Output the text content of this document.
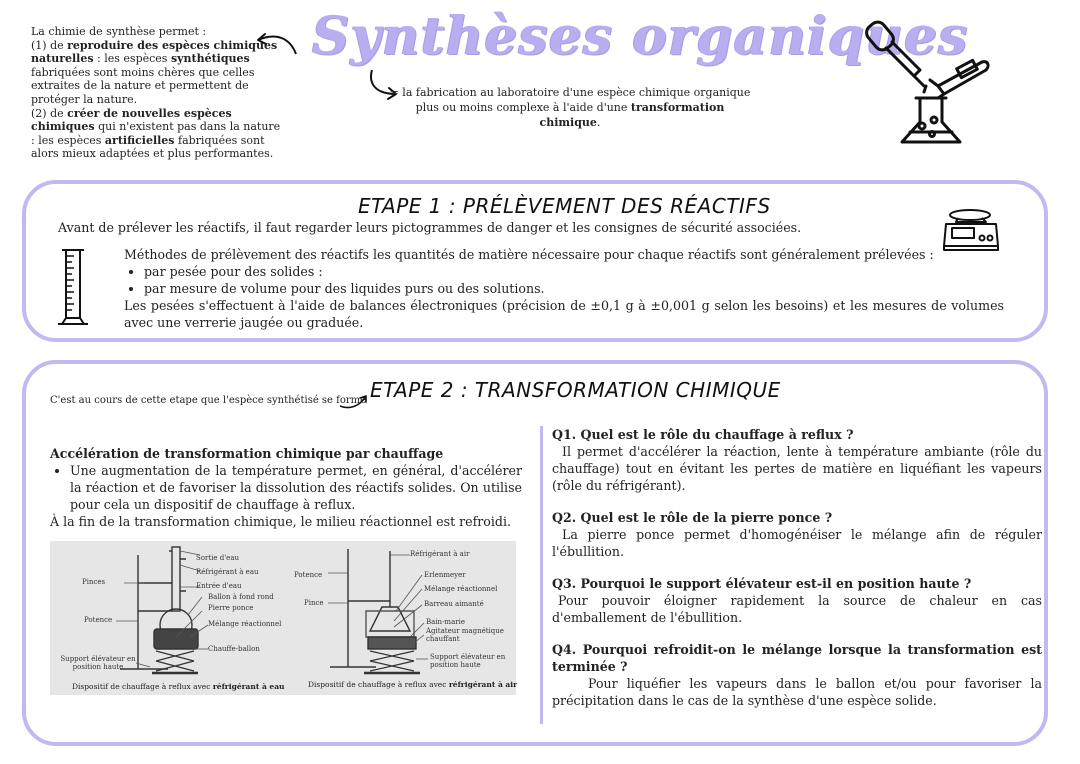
La chimie de synthèse permet :
(1) de reproduire des espèces chimiques naturelles : les espèces synthétiques fabriquées sont moins chères que celles extraites de la nature et permettent de protéger la nature.
(2) de créer de nouvelles espèces chimiques qui n'existent pas dans la nature : les espèces artificielles fabriquées sont alors mieux adaptées et plus performantes.
Synthèses organiques
= la fabrication au laboratoire d'une espèce chimique organique plus ou moins complexe à l'aide d'une transformation chimique.
ETAPE 1 : PRÉLÈVEMENT DES RÉACTIFS
Avant de prélever les réactifs, il faut regarder leurs pictogrammes de danger et les consignes de sécurité associées.
Méthodes de prélèvement des réactifs les quantités de matière nécessaire pour chaque réactifs sont généralement prélevées :
• par pesée pour des solides :
• par mesure de volume pour des liquides purs ou des solutions.
Les pesées s'effectuent à l'aide de balances électroniques (précision de ±0,1 g à ±0,001 g selon les besoins) et les mesures de volumes avec une verrerie jaugée ou graduée.
C'est au cours de cette etape que l'espèce synthétisé se forme ETAPE 2 : TRANSFORMATION CHIMIQUE
Accélération de transformation chimique par chauffage
• Une augmentation de la température permet, en général, d'accélérer la réaction et de favoriser la dissolution des réactifs solides. On utilise pour cela un dispositif de chauffage à reflux.
À la fin de la transformation chimique, le milieu réactionnel est refroidi.

Q1. Quel est le rôle du chauffage à reflux ?

Il permet d'accélérer la réaction, lente à température ambiante (rôle du chauffage) tout en évitant les pertes de matière en liquéfiant les vapeurs (rôle du réfrigérant).

Q2. Quel est le rôle de la pierre ponce ?

La pierre ponce permet d'homogénéiser le mélange afin de réguler l'ébullition.

Q3. Pourquoi le support élévateur est-il en position haute ?

Pour pouvoir éloigner rapidement la source de chaleur en cas d'emballement de l'ébullition.

Q4. Pourquoi refroidit-on le mélange lorsque la transformation est terminée ?

Pour liquéfier les vapeurs dans le ballon et/ou pour favoriser la précipitation dans le cas de la synthèse d'une espèce solide.

Sortie d'eau
Réfrigérant à eau
Pinces	Entrée d'eau
Ballon à fond rond
Pierre ponce
Potence	Mélange réactionnel
Chauffe-ballon
Support élévateur en position haute
Dispositif de chauffage à reflux avec réfrigérant à eau
Réfrigérant à air
Potence	Erlenmeyer
Mélange réactionnel
Pince	Barreau aimanté
Bain-marie
Agitateur magnétique chauffant
Support élévateur en position haute
Dispositif de chauffage à reflux avec réfrigérant à air
